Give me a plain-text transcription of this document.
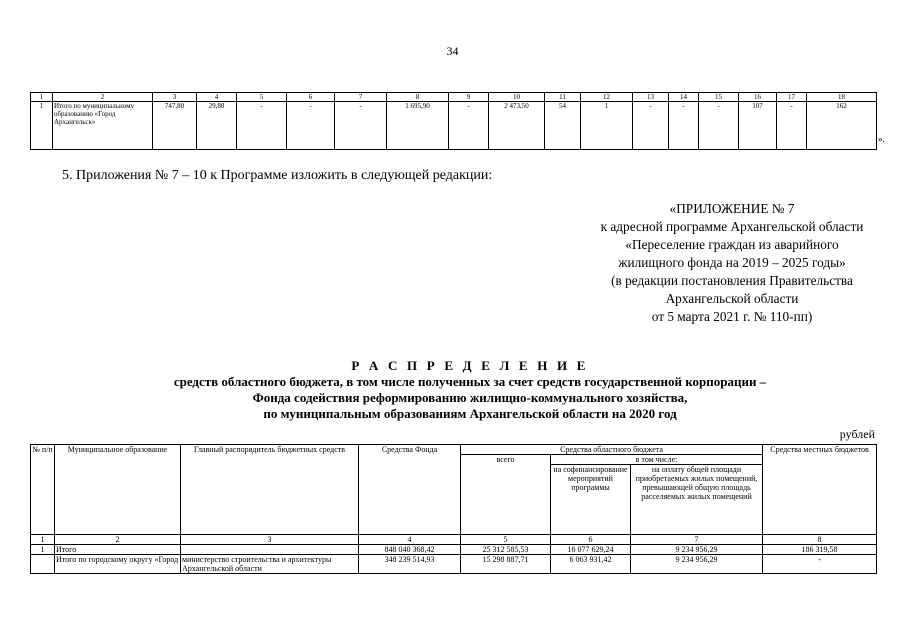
34
1	2	3	4	5	6	7	8	9	10	11	12	13	14	15	16	17	18
1	Итого по муниципальному образованию «Город Архангельск»	747,80	29,80	-	-	-	1 695,90	-	2 473,50	54	1	-	-	-	107	-	162
».
5. Приложения № 7 – 10 к Программе изложить в следующей редакции:
«ПРИЛОЖЕНИЕ № 7
к адресной программе Архангельской области
«Переселение граждан из аварийного
жилищного фонда на 2019 – 2025 годы»
(в редакции постановления Правительства
Архангельской области
от 5 марта 2021 г. № 110-пп)
Р А С П Р Е Д Е Л Е Н И Е
средств областного бюджета, в том числе полученных за счет средств государственной корпорации –
Фонда содействия реформированию жилищно-коммунального хозяйства,
по муниципальным образованиям Архангельской области на 2020 год
рублей
№ п/п	Муниципальное образование	Главный распорядитель бюджетных средств	Средства Фонда	Средства областного бюджета			Средства местных бюджетов
				всего	в том числе:		
					на софинансирование мероприятий программы	на оплату общей площади приобретаемых жилых помещений, превышающей общую площадь расселяемых жилых помещений	
1	2	3	4	5	6	7	8
1	Итого		848 040 368,42	25 312 585,53	16 077 629,24	9 234 956,29	186 319,58
	Итого по городскому округу «Город	министерство строительства и архитектуры Архангельской области	348 239 514,93	15 298 887,71	6 063 931,42	9 234 956,29	-
